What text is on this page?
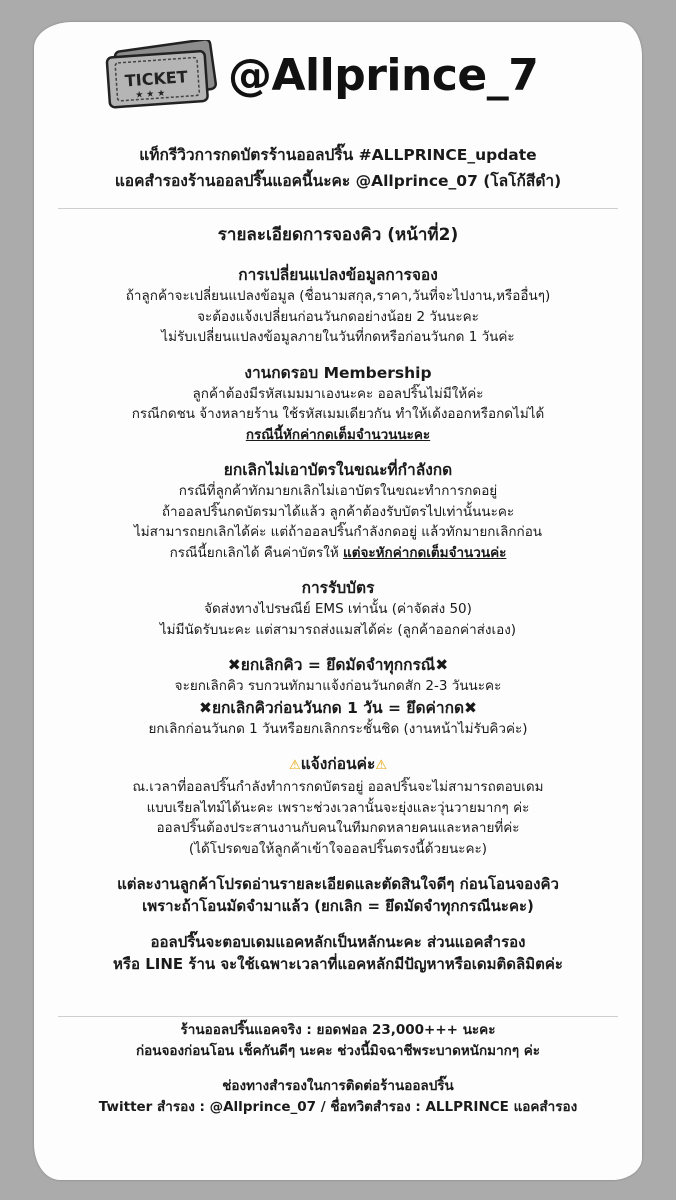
TICKET
★ ★ ★ @Allprince_7
แท็กรีวิวการกดบัตรร้านออลปริ๊น #ALLPRINCE_update
แอคสำรองร้านออลปริ๊นแอคนี้นะคะ @Allprince_07 (โลโก้สีดำ)
รายละเอียดการจองคิว (หน้าที่2)
การเปลี่ยนแปลงข้อมูลการจอง

ถ้าลูกค้าจะเปลี่ยนแปลงข้อมูล (ชื่อนามสกุล,ราคา,วันที่จะไปงาน,หรืออื่นๆ)

จะต้องแจ้งเปลี่ยนก่อนวันกดอย่างน้อย 2 วันนะคะ

ไม่รับเปลี่ยนแปลงข้อมูลภายในวันที่กดหรือก่อนวันกด 1 วันค่ะ

งานกดรอบ Membership

ลูกค้าต้องมีรหัสเมมมาเองนะคะ ออลปริ๊นไม่มีให้ค่ะ

กรณีกดชน จ้างหลายร้าน ใช้รหัสเมมเดียวกัน ทำให้เด้งออกหรือกดไม่ได้

กรณีนี้หักค่ากดเต็มจำนวนนะคะ

ยกเลิกไม่เอาบัตรในขณะที่กำลังกด

กรณีที่ลูกค้าทักมายกเลิกไม่เอาบัตรในขณะทำการกดอยู่

ถ้าออลปริ๊นกดบัตรมาได้แล้ว ลูกค้าต้องรับบัตรไปเท่านั้นนะคะ

ไม่สามารถยกเลิกได้ค่ะ แต่ถ้าออลปริ๊นกำลังกดอยู่ แล้วทักมายกเลิกก่อน

กรณีนี้ยกเลิกได้ คืนค่าบัตรให้ แต่จะหักค่ากดเต็มจำนวนค่ะ

การรับบัตร

จัดส่งทางไปรษณีย์ EMS เท่านั้น (ค่าจัดส่ง 50)

ไม่มีนัดรับนะคะ แต่สามารถส่งแมสได้ค่ะ (ลูกค้าออกค่าส่งเอง)

✖ยกเลิกคิว = ยึดมัดจำทุกกรณี✖

จะยกเลิกคิว รบกวนทักมาแจ้งก่อนวันกดสัก 2-3 วันนะคะ

✖ยกเลิกคิวก่อนวันกด 1 วัน = ยึดค่ากด✖

ยกเลิกก่อนวันกด 1 วันหรือยกเลิกกระชั้นชิด (งานหน้าไม่รับคิวค่ะ)

⚠แจ้งก่อนค่ะ⚠

ณ.เวลาที่ออลปริ๊นกำลังทำการกดบัตรอยู่ ออลปริ๊นจะไม่สามารถตอบเดม

แบบเรียลไทม์ได้นะคะ เพราะช่วงเวลานั้นจะยุ่งและวุ่นวายมากๆ ค่ะ

ออลปริ๊นต้องประสานงานกับคนในทีมกดหลายคนและหลายที่ค่ะ

(ได้โปรดขอให้ลูกค้าเข้าใจออลปริ๊นตรงนี้ด้วยนะคะ)

แต่ละงานลูกค้าโปรดอ่านรายละเอียดและตัดสินใจดีๆ ก่อนโอนจองคิว
เพราะถ้าโอนมัดจำมาแล้ว (ยกเลิก = ยึดมัดจำทุกกรณีนะคะ)
ออลปริ๊นจะตอบเดมแอคหลักเป็นหลักนะคะ ส่วนแอคสำรอง
หรือ LINE ร้าน จะใช้เฉพาะเวลาที่แอคหลักมีปัญหาหรือเดมติดลิมิตค่ะ

ร้านออลปริ๊นแอคจริง : ยอดฟอล 23,000+++ นะคะ

ก่อนจองก่อนโอน เช็คกันดีๆ นะคะ ช่วงนี้มิจฉาชีพระบาดหนักมากๆ ค่ะ

ช่องทางสำรองในการติดต่อร้านออลปริ๊น

Twitter สำรอง : @Allprince_07 / ชื่อทวิตสำรอง : ALLPRINCE แอคสำรอง
